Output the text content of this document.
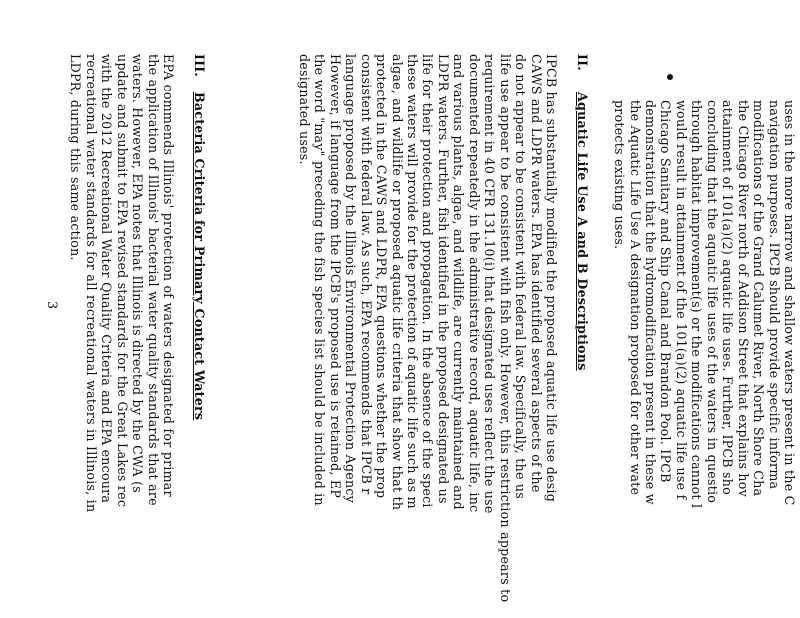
uses in the more narrow and shallow waters present in the C
navigation purposes. IPCB should provide specific informa
modifications of the Grand Calumet River, North Shore Cha
the Chicago River north of Addison Street that explains hov
attainment of 101(a)(2) aquatic life uses. Further, IPCB sho
concluding that the aquatic life uses of the waters in questio
through habitat improvement(s) or the modifications cannot l
would result in attainment of the 101(a)(2) aquatic life use f
Chicago Sanitary and Ship Canal and Brandon Pool. IPCB
demonstration that the hydromodification present in these w
the Aquatic Life Use A designation proposed for other wate
protects existing uses.
II.Aquatic Life Use A and B Descriptions
IPCB has substantially modified the proposed aquatic life use desig
CAWS and LDPR waters. EPA has identified several aspects of the
do not appear to be consistent with federal law. Specifically, the us
life use appear to be consistent with fish only. However, this restriction appears to
requirement in 40 CFR 131.10(i) that designated uses reflect the use
documented repeatedly in the administrative record, aquatic life, inc
and various plants, algae, and wildlife, are currently maintained and
LDPR waters. Further, fish identified in the proposed designated us
life for their protection and propagation. In the absence of the speci
these waters will provide for the protection of aquatic life such as m
algae, and wildlife or proposed aquatic life criteria that show that th
protected in the CAWS and LDPR, EPA questions whether the prop
consistent with federal law. As such, EPA recommends that IPCB r
language proposed by the Illinois Environmental Protection Agency
However, if language from the IPCB's proposed use is retained, EP
the word "may" preceding the fish species list should be included in
designated uses.
III.Bacteria Criteria for Primary Contact Waters
EPA commends Illinois' protection of waters designated for primar
the application of Illinois' bacterial water quality standards that are
waters. However, EPA notes that Illinois is directed by the CWA (s
update and submit to EPA revised standards for the Great Lakes rec
with the 2012 Recreational Water Quality Criteria and EPA encoura
recreational water standards for all recreational waters in Illinois, in
LDPR, during this same action.
3
